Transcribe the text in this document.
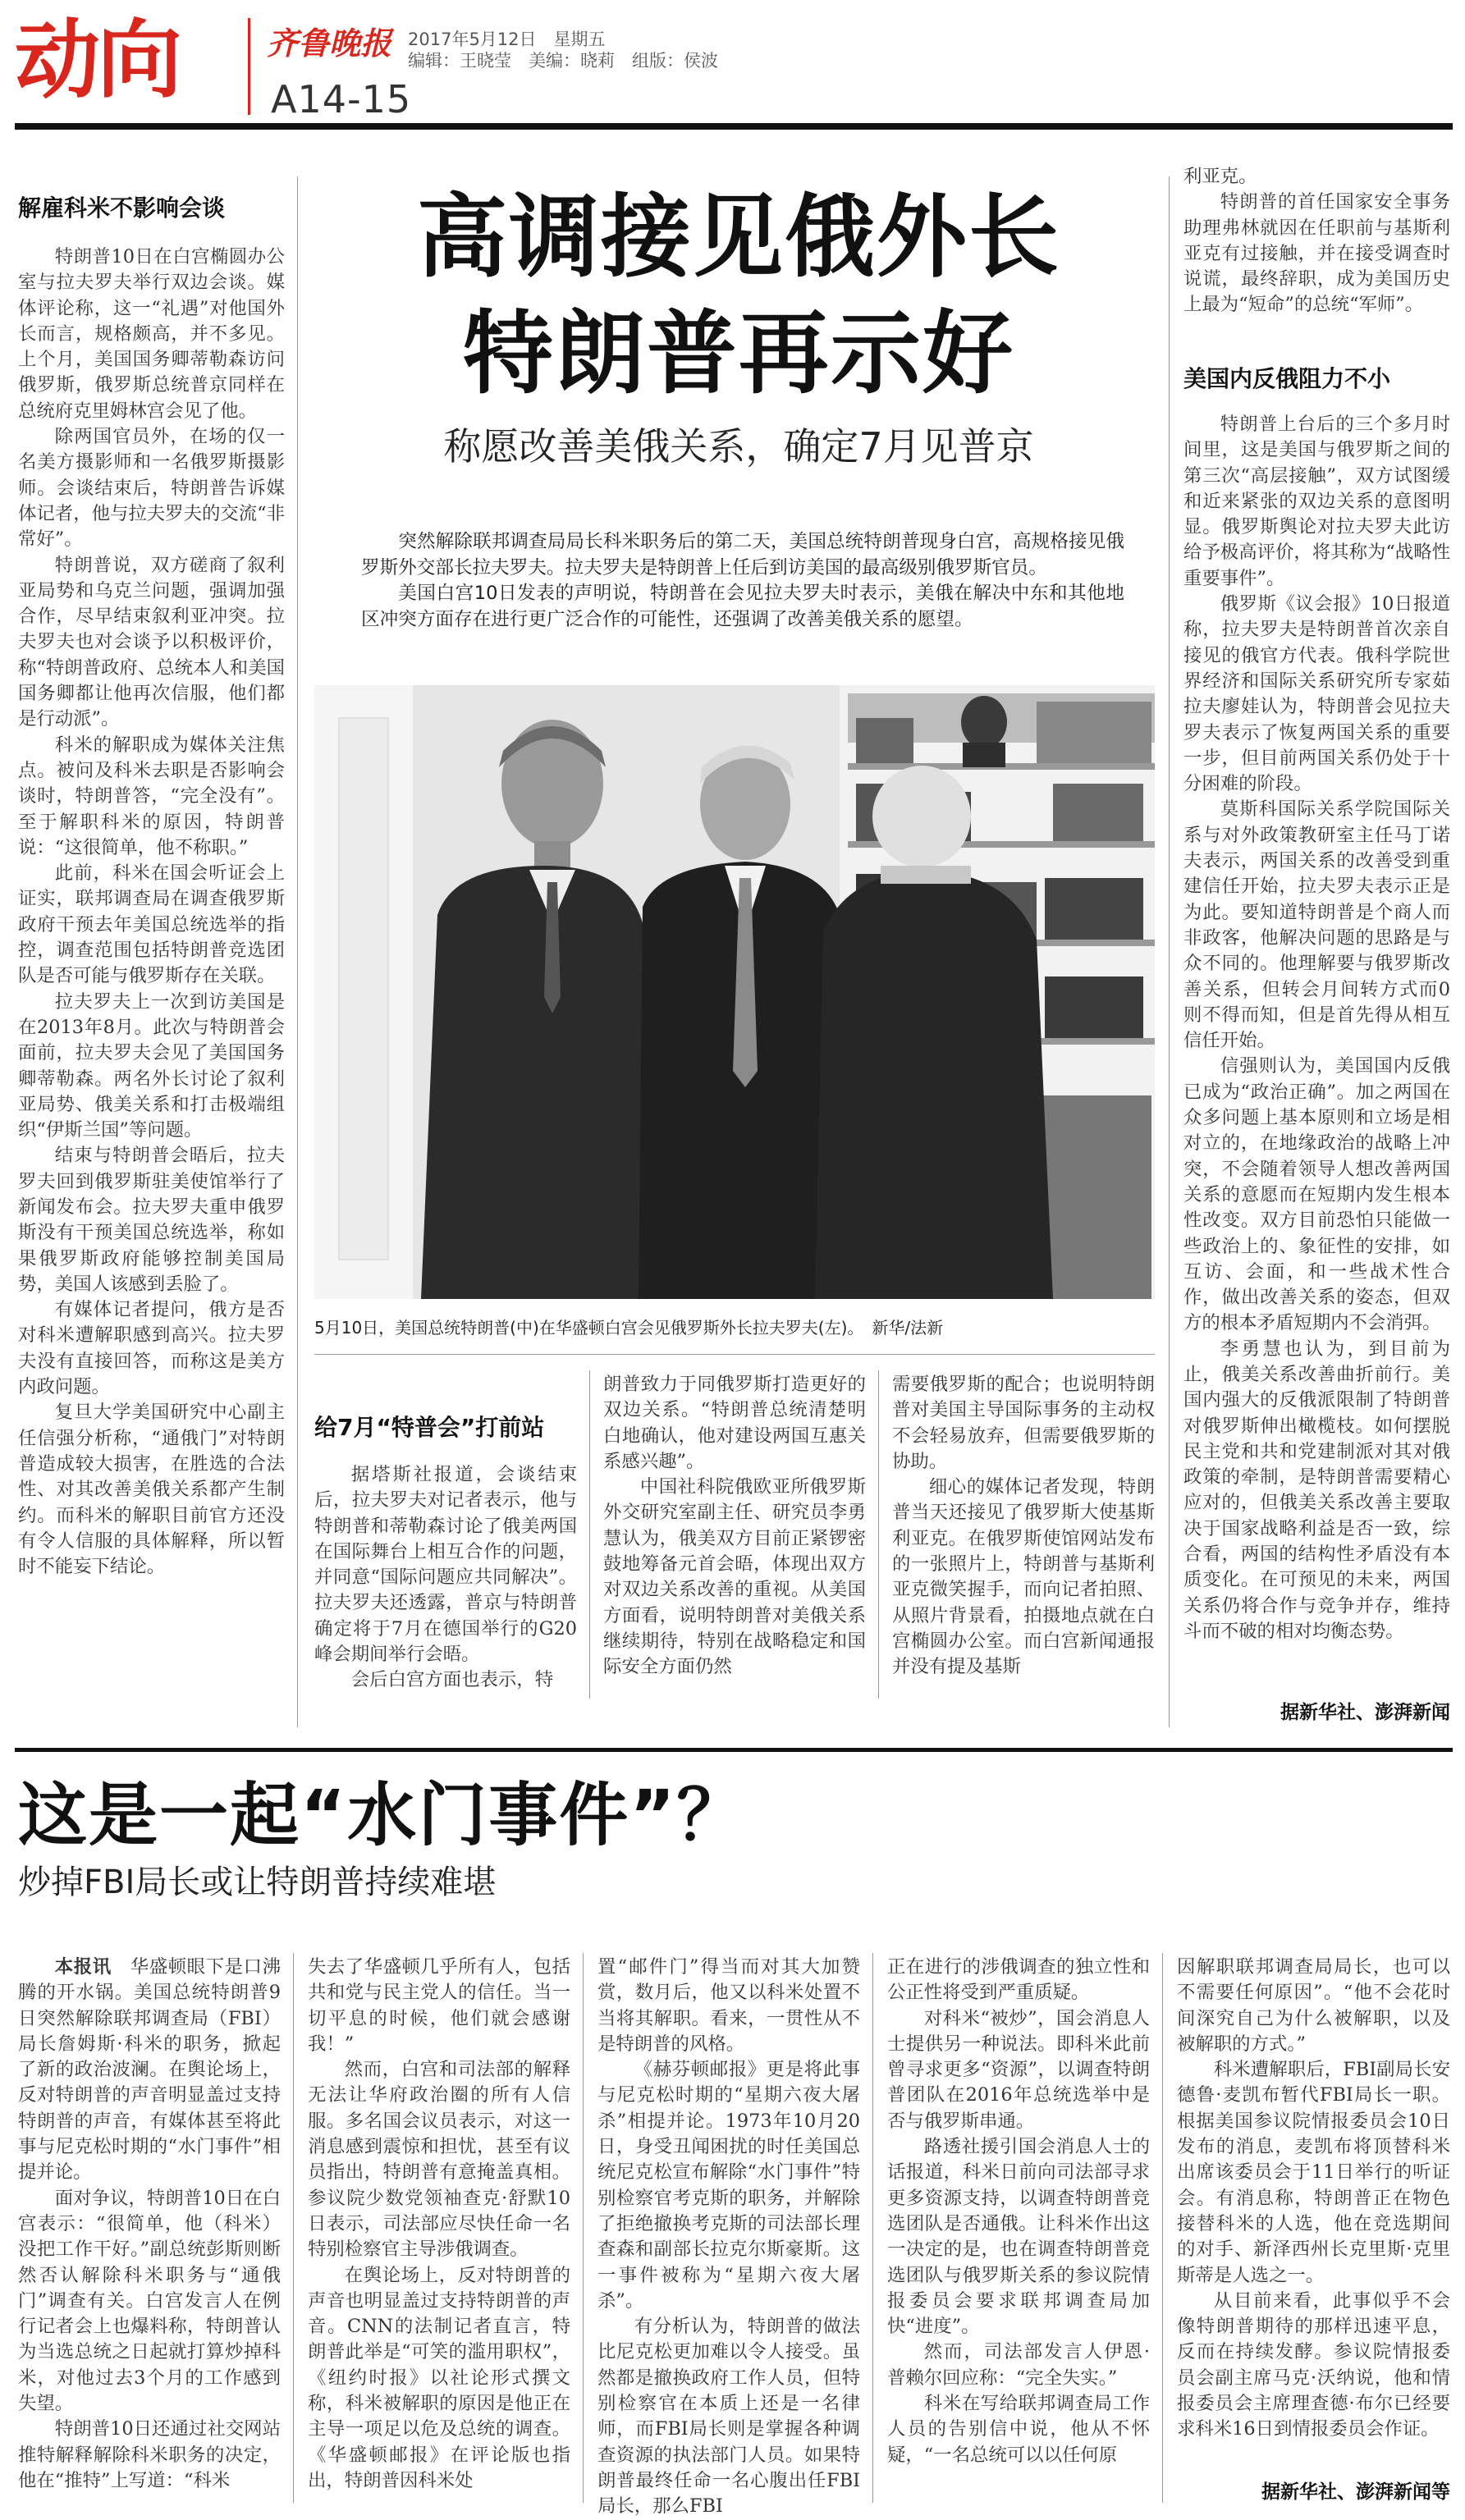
动向	齐鲁晚报 2017年5月12日　星期五
编辑：王晓莹　美编：晓莉　组版：侯波
A14-15
解雇科米不影响会谈

特朗普10日在白宫椭圆办公室与拉夫罗夫举行双边会谈。媒体评论称，这一“礼遇”对他国外长而言，规格颇高，并不多见。上个月，美国国务卿蒂勒森访问俄罗斯，俄罗斯总统普京同样在总统府克里姆林宫会见了他。

除两国官员外，在场的仅一名美方摄影师和一名俄罗斯摄影师。会谈结束后，特朗普告诉媒体记者，他与拉夫罗夫的交流“非常好”。

特朗普说，双方磋商了叙利亚局势和乌克兰问题，强调加强合作，尽早结束叙利亚冲突。拉夫罗夫也对会谈予以积极评价，称“特朗普政府、总统本人和美国国务卿都让他再次信服，他们都是行动派”。

科米的解职成为媒体关注焦点。被问及科米去职是否影响会谈时，特朗普答，“完全没有”。至于解职科米的原因，特朗普说：“这很简单，他不称职。”

此前，科米在国会听证会上证实，联邦调查局在调查俄罗斯政府干预去年美国总统选举的指控，调查范围包括特朗普竞选团队是否可能与俄罗斯存在关联。

拉夫罗夫上一次到访美国是在2013年8月。此次与特朗普会面前，拉夫罗夫会见了美国国务卿蒂勒森。两名外长讨论了叙利亚局势、俄美关系和打击极端组织“伊斯兰国”等问题。

结束与特朗普会晤后，拉夫罗夫回到俄罗斯驻美使馆举行了新闻发布会。拉夫罗夫重申俄罗斯没有干预美国总统选举，称如果俄罗斯政府能够控制美国局势，美国人该感到丢脸了。

有媒体记者提问，俄方是否对科米遭解职感到高兴。拉夫罗夫没有直接回答，而称这是美方内政问题。

复旦大学美国研究中心副主任信强分析称，“通俄门”对特朗普造成较大损害，在胜选的合法性、对其改善美俄关系都产生制约。而科米的解职目前官方还没有令人信服的具体解释，所以暂时不能妄下结论。

高调接见俄外长
特朗普再示好
称愿改善美俄关系，确定7月见普京

突然解除联邦调查局局长科米职务后的第二天，美国总统特朗普现身白宫，高规格接见俄罗斯外交部长拉夫罗夫。拉夫罗夫是特朗普上任后到访美国的最高级别俄罗斯官员。

美国白宫10日发表的声明说，特朗普在会见拉夫罗夫时表示，美俄在解决中东和其他地区冲突方面存在进行更广泛合作的可能性，还强调了改善美俄关系的愿望。

5月10日，美国总统特朗普(中)在华盛顿白宫会见俄罗斯外长拉夫罗夫(左)。　新华/法新
给7月“特普会”打前站

据塔斯社报道，会谈结束后，拉夫罗夫对记者表示，他与特朗普和蒂勒森讨论了俄美两国在国际舞台上相互合作的问题，并同意“国际问题应共同解决”。拉夫罗夫还透露，普京与特朗普确定将于7月在德国举行的G20峰会期间举行会晤。

会后白宫方面也表示，特

朗普致力于同俄罗斯打造更好的双边关系。“特朗普总统清楚明白地确认，他对建设两国互惠关系感兴趣”。

中国社科院俄欧亚所俄罗斯外交研究室副主任、研究员李勇慧认为，俄美双方目前正紧锣密鼓地筹备元首会晤，体现出双方对双边关系改善的重视。从美国方面看，说明特朗普对美俄关系继续期待，特别在战略稳定和国际安全方面仍然

需要俄罗斯的配合；也说明特朗普对美国主导国际事务的主动权不会轻易放弃，但需要俄罗斯的协助。

细心的媒体记者发现，特朗普当天还接见了俄罗斯大使基斯利亚克。在俄罗斯使馆网站发布的一张照片上，特朗普与基斯利亚克微笑握手，而向记者拍照、从照片背景看，拍摄地点就在白宫椭圆办公室。而白宫新闻通报并没有提及基斯

利亚克。

特朗普的首任国家安全事务助理弗林就因在任职前与基斯利亚克有过接触，并在接受调查时说谎，最终辞职，成为美国历史上最为“短命”的总统“军师”。

美国内反俄阻力不小

特朗普上台后的三个多月时间里，这是美国与俄罗斯之间的第三次“高层接触”，双方试图缓和近来紧张的双边关系的意图明显。俄罗斯舆论对拉夫罗夫此访给予极高评价，将其称为“战略性重要事件”。

俄罗斯《议会报》10日报道称，拉夫罗夫是特朗普首次亲自接见的俄官方代表。俄科学院世界经济和国际关系研究所专家茹拉夫廖娃认为，特朗普会见拉夫罗夫表示了恢复两国关系的重要一步，但目前两国关系仍处于十分困难的阶段。

莫斯科国际关系学院国际关系与对外政策教研室主任马丁诺夫表示，两国关系的改善受到重建信任开始，拉夫罗夫表示正是为此。要知道特朗普是个商人而非政客，他解决问题的思路是与众不同的。他理解要与俄罗斯改善关系，但转会月间转方式而0则不得而知，但是首先得从相互信任开始。

信强则认为，美国国内反俄已成为“政治正确”。加之两国在众多问题上基本原则和立场是相对立的，在地缘政治的战略上冲突，不会随着领导人想改善两国关系的意愿而在短期内发生根本性改变。双方目前恐怕只能做一些政治上的、象征性的安排，如互访、会面，和一些战术性合作，做出改善关系的姿态，但双方的根本矛盾短期内不会消弭。

李勇慧也认为，到目前为止，俄美关系改善曲折前行。美国内强大的反俄派限制了特朗普对俄罗斯伸出橄榄枝。如何摆脱民主党和共和党建制派对其对俄政策的牵制，是特朗普需要精心应对的，但俄美关系改善主要取决于国家战略利益是否一致，综合看，两国的结构性矛盾没有本质变化。在可预见的未来，两国关系仍将合作与竞争并存，维持斗而不破的相对均衡态势。

据新华社、澎湃新闻
这是一起“水门事件”？
炒掉FBI局长或让特朗普持续难堪

本报讯　 华盛顿眼下是口沸腾的开水锅。美国总统特朗普9日突然解除联邦调查局（FBI）局长詹姆斯·科米的职务，掀起了新的政治波澜。在舆论场上，反对特朗普的声音明显盖过支持特朗普的声音，有媒体甚至将此事与尼克松时期的“水门事件”相提并论。

面对争议，特朗普10日在白宫表示：“很简单，他（科米）没把工作干好。”副总统彭斯则断然否认解除科米职务与“通俄门”调查有关。白宫发言人在例行记者会上也爆料称，特朗普认为当选总统之日起就打算炒掉科米，对他过去3个月的工作感到失望。

特朗普10日还通过社交网站推特解释解除科米职务的决定，他在“推特”上写道：“科米

失去了华盛顿几乎所有人，包括共和党与民主党人的信任。当一切平息的时候，他们就会感谢我！”

然而，白宫和司法部的解释无法让华府政治圈的所有人信服。多名国会议员表示，对这一消息感到震惊和担忧，甚至有议员指出，特朗普有意掩盖真相。参议院少数党领袖查克·舒默10日表示，司法部应尽快任命一名特别检察官主导涉俄调查。

在舆论场上，反对特朗普的声音也明显盖过支持特朗普的声音。CNN的法制记者直言，特朗普此举是“可笑的滥用职权”，《纽约时报》以社论形式撰文称，科米被解职的原因是他正在主导一项足以危及总统的调查。《华盛顿邮报》在评论版也指出，特朗普因科米处

置“邮件门”得当而对其大加赞赏，数月后，他又以科米处置不当将其解职。看来，一贯性从不是特朗普的风格。

《赫芬顿邮报》更是将此事与尼克松时期的“星期六夜大屠杀”相提并论。1973年10月20日，身受丑闻困扰的时任美国总统尼克松宣布解除“水门事件”特别检察官考克斯的职务，并解除了拒绝撤换考克斯的司法部长理查森和副部长拉克尔斯豪斯。这一事件被称为“星期六夜大屠杀”。

有分析认为，特朗普的做法比尼克松更加难以令人接受。虽然都是撤换政府工作人员，但特别检察官在本质上还是一名律师，而FBI局长则是掌握各种调查资源的执法部门人员。如果特朗普最终任命一名心腹出任FBI局长，那么FBI

正在进行的涉俄调查的独立性和公正性将受到严重质疑。

对科米“被炒”，国会消息人士提供另一种说法。即科米此前曾寻求更多“资源”，以调查特朗普团队在2016年总统选举中是否与俄罗斯串通。

路透社援引国会消息人士的话报道，科米日前向司法部寻求更多资源支持，以调查特朗普竞选团队是否通俄。让科米作出这一决定的是，也在调查特朗普竞选团队与俄罗斯关系的参议院情报委员会要求联邦调查局加快“进度”。

然而，司法部发言人伊恩·普赖尔回应称：“完全失实。”

科米在写给联邦调查局工作人员的告别信中说，他从不怀疑，“一名总统可以以任何原

因解职联邦调查局局长，也可以不需要任何原因”。“他不会花时间深究自己为什么被解职，以及被解职的方式。”

科米遭解职后，FBI副局长安德鲁·麦凯布暂代FBI局长一职。根据美国参议院情报委员会10日发布的消息，麦凯布将顶替科米出席该委员会于11日举行的听证会。有消息称，特朗普正在物色接替科米的人选，他在竞选期间的对手、新泽西州长克里斯·克里斯蒂是人选之一。

从目前来看，此事似乎不会像特朗普期待的那样迅速平息，反而在持续发酵。参议院情报委员会副主席马克·沃纳说，他和情报委员会主席理查德·布尔已经要求科米16日到情报委员会作证。

据新华社、澎湃新闻等
